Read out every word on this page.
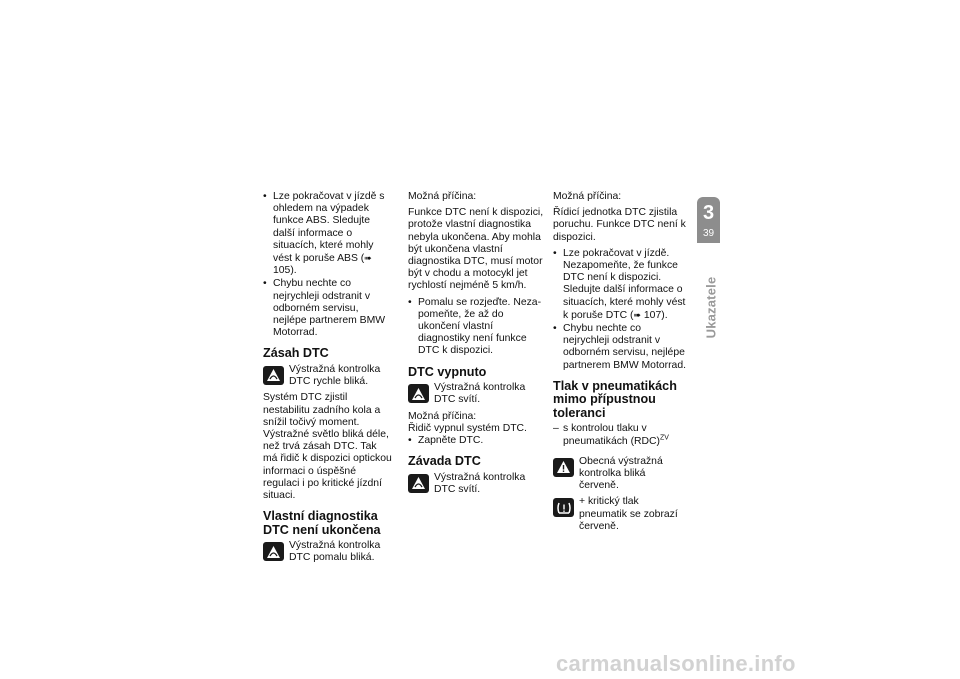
• Lze pokračovat v jízdě s ohledem na výpadek funkce ABS. Sledujte další informace o situacích, které mohly vést k poruše ABS (➠ 105).
• Chybu nechte co nejrychleji odstranit v odborném servisu, nejlépe partnerem BMW Motorrad.
Zásah DTC
Výstražná kontrolka DTC rychle bliká.

Systém DTC zjistil nestabilitu zadního kola a snížil točivý moment. Výstražné světlo bliká déle, než trvá zásah DTC. Tak má řidič k dispozici optickou informaci o úspěšné regulaci i po kritické jízdní situaci.

Vlastní diagnostika DTC není ukončena
Výstražná kontrolka DTC pomalu bliká.

Možná příčina:

Funkce DTC není k dispozici, protože vlastní diagnostika nebyla ukončena. Aby mohla být ukončena vlastní diagnostika DTC, musí motor být v chodu a motocykl jet rychlostí nejméně 5 km/h.

• Pomalu se rozjeďte. Neza-pomeňte, že až do ukončení vlastní diagnostiky není funkce DTC k dispozici.
DTC vypnuto
Výstražná kontrolka DTC svítí.

Možná příčina:

Řidič vypnul systém DTC.

• Zapněte DTC.
Závada DTC
Výstražná kontrolka DTC svítí.

Možná příčina:

Řídicí jednotka DTC zjistila poruchu. Funkce DTC není k dispozici.

• Lze pokračovat v jízdě. Nezapomeňte, že funkce DTC není k dispozici. Sledujte další informace o situacích, které mohly vést k poruše DTC (➠ 107).
• Chybu nechte co nejrychleji odstranit v odborném servisu, nejlépe partnerem BMW Motorrad.
Tlak v pneumatikách mimo přípustnou toleranci
– s kontrolou tlaku v pneumatikách (RDC)$^{ZV}$
Obecná výstražná kontrolka bliká červeně.
+ kritický tlak pneumatik se zobrazí červeně.
3
39
Ukazatele
carmanualsonline.info
